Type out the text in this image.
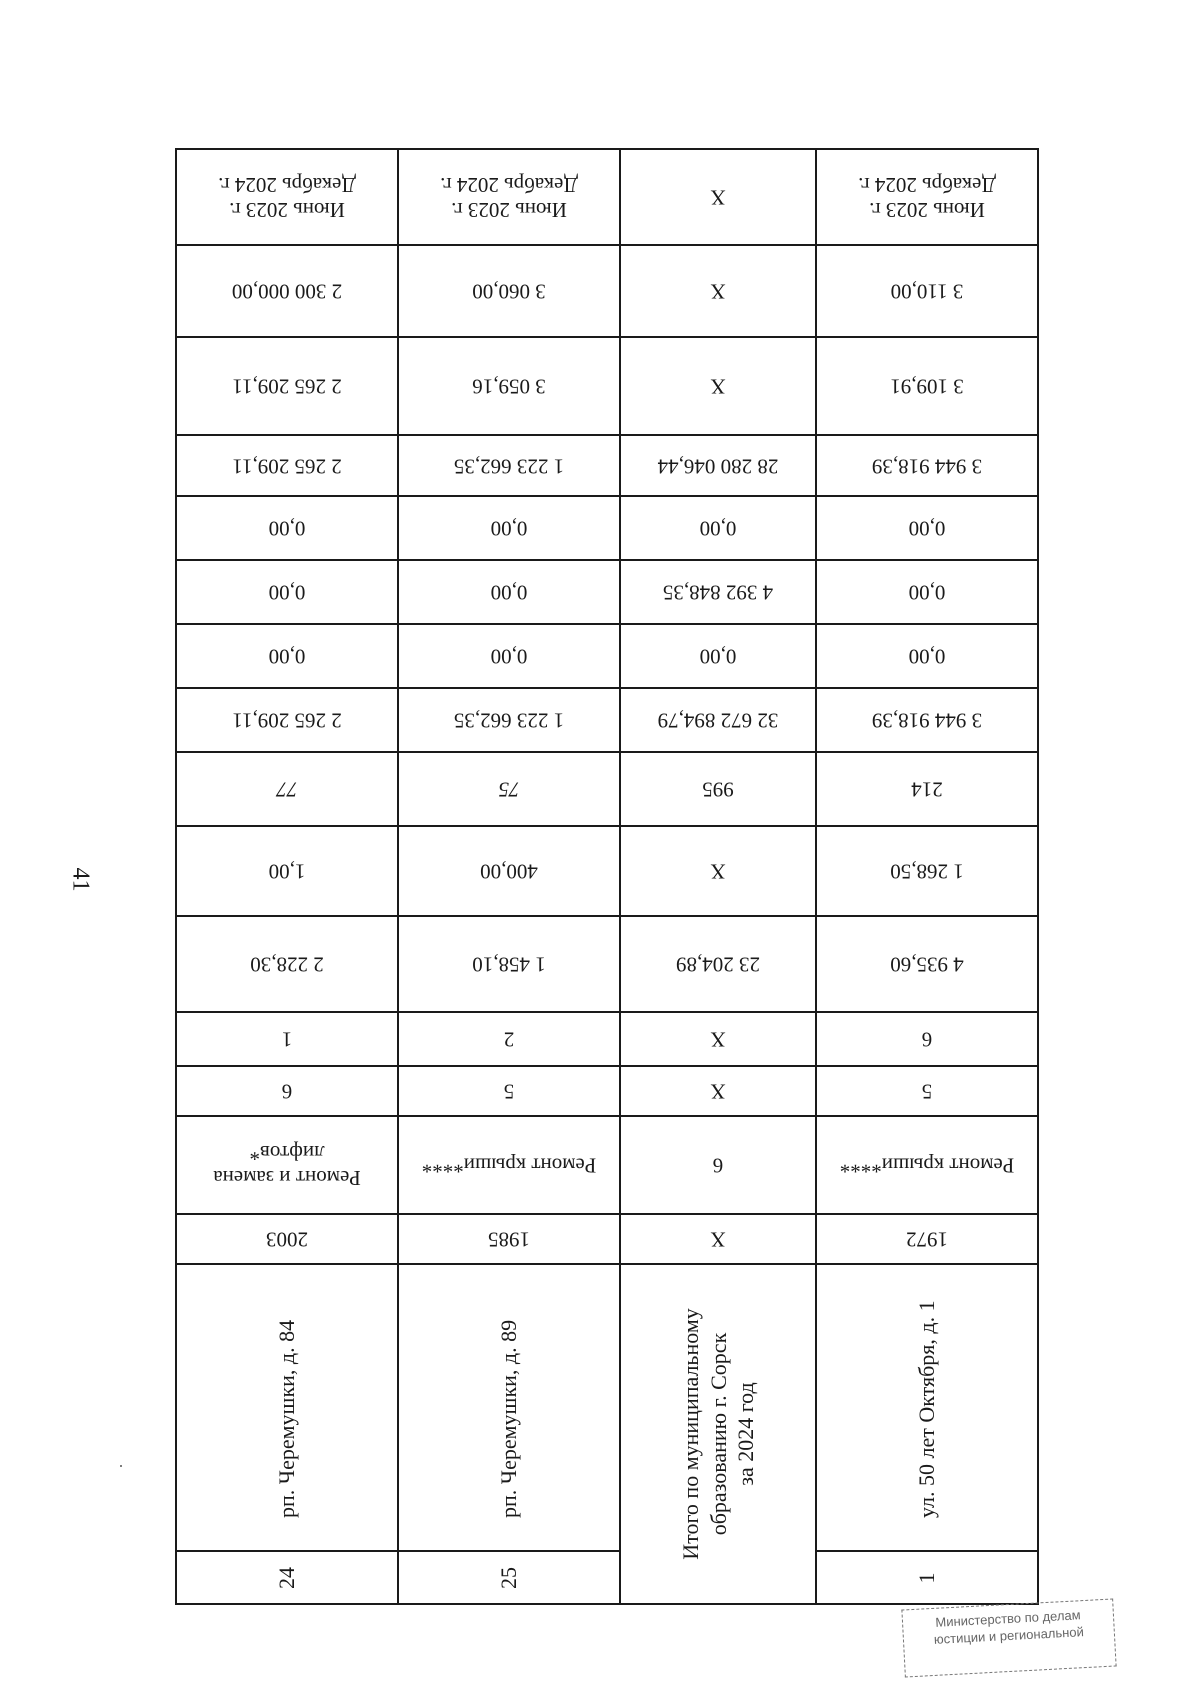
41
Июнь 2023 г.
Декабрь 2024 г.
2 300 000,00
2 265 209,11
2 265 209,11
0,00
0,00
0,00
2 265 209,11
77
1,00
2 228,30
1
6
Ремонт и замена лифтов*
2003
рп. Черемушки, д. 84
24
Июнь 2023 г.
Декабрь 2024 г.
3 060,00
3 059,16
1 223 662,35
0,00
0,00
0,00
1 223 662,35
75
400,00
1 458,10
2
5
Ремонт крыши****
1985
рп. Черемушки, д. 89
25
X
X
X
28 280 046,44
0,00
4 392 848,35
0,00
32 672 894,79
995
X
23 204,89
X
X
6
X
Итого по муниципальному образованию г. Сорск за 2024 год
Июнь 2023 г.
Декабрь 2024 г.
3 110,00
3 109,91
3 944 918,39
0,00
0,00
0,00
3 944 918,39
214
1 268,50
4 935,60
6
5
Ремонт крыши****
1972
ул. 50 лет Октября, д. 1
1
Министерство по делам
юстиции и региональной
